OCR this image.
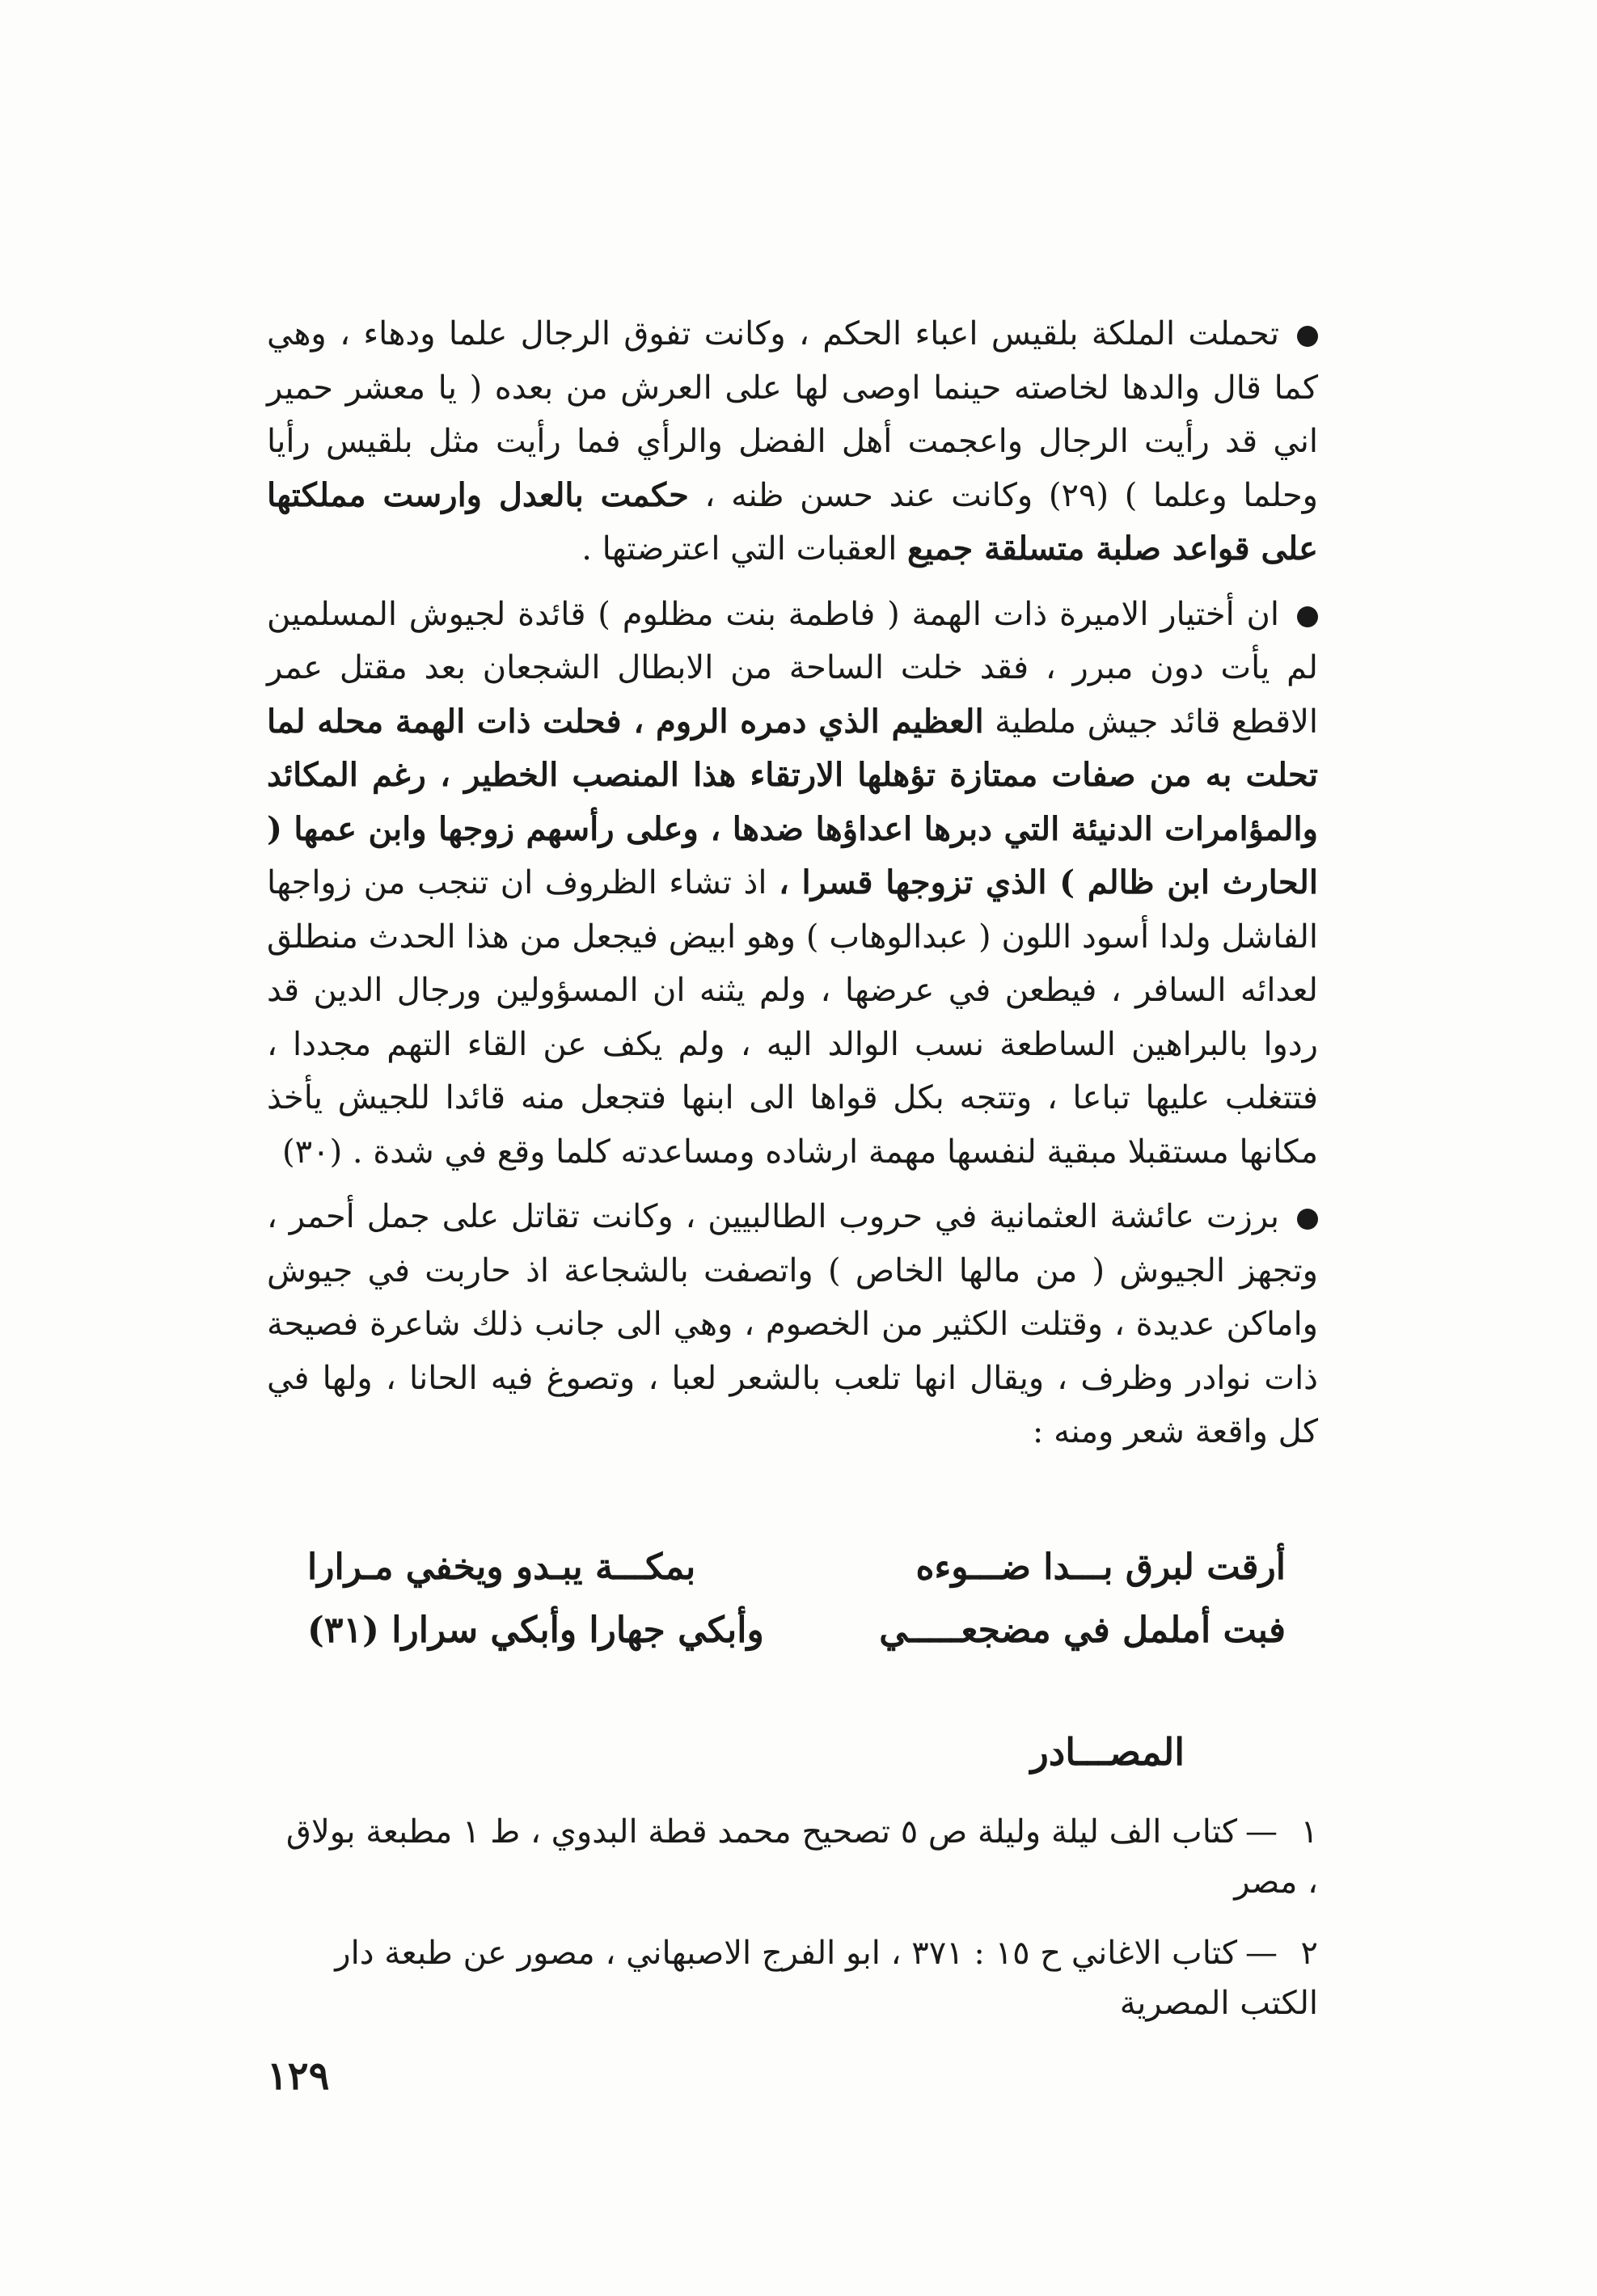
تحملت الملكة بلقيس اعباء الحكم ، وكانت تفوق الرجال علما ودهاء ، وهي كما قال والدها لخاصته حينما اوصى لها على العرش من بعده ( يا معشر حمير اني قد رأيت الرجال واعجمت أهل الفضل والرأي فما رأيت مثل بلقيس رأيا وحلما وعلما ) (٢٩) وكانت عند حسن ظنه ، حكمت بالعدل وارست مملكتها على قواعد صلبة متسلقة جميع العقبات التي اعترضتها .

ان أختيار الاميرة ذات الهمة ( فاطمة بنت مظلوم ) قائدة لجيوش المسلمين لم يأت دون مبرر ، فقد خلت الساحة من الابطال الشجعان بعد مقتل عمر الاقطع قائد جيش ملطية العظيم الذي دمره الروم ، فحلت ذات الهمة محله لما تحلت به من صفات ممتازة تؤهلها الارتقاء هذا المنصب الخطير ، رغم المكائد والمؤامرات الدنيئة التي دبرها اعداؤها ضدها ، وعلى رأسهم زوجها وابن عمها ( الحارث ابن ظالم ) الذي تزوجها قسرا ، اذ تشاء الظروف ان تنجب من زواجها الفاشل ولدا أسود اللون ( عبدالوهاب ) وهو ابيض فيجعل من هذا الحدث منطلق لعدائه السافر ، فيطعن في عرضها ، ولم يثنه ان المسؤولين ورجال الدين قد ردوا بالبراهين الساطعة نسب الوالد اليه ، ولم يكف عن القاء التهم مجددا ، فتتغلب عليها تباعا ، وتتجه بكل قواها الى ابنها فتجعل منه قائدا للجيش يأخذ مكانها مستقبلا مبقية لنفسها مهمة ارشاده ومساعدته كلما وقع في شدة . (٣٠)

برزت عائشة العثمانية في حروب الطالبيين ، وكانت تقاتل على جمل أحمر ، وتجهز الجيوش ( من مالها الخاص ) واتصفت بالشجاعة اذ حاربت في جيوش واماكن عديدة ، وقتلت الكثير من الخصوم ، وهي الى جانب ذلك شاعرة فصيحة ذات نوادر وظرف ، ويقال انها تلعب بالشعر لعبا ، وتصوغ فيه الحانا ، ولها في كل واقعة شعر ومنه :

أرقت لبرق بـــدا ضـــوءه
بمكـــة يبـدو ويخفي مـرارا
فبت أململ في مضجعـــــي
وأبكي جهارا وأبكي سرارا (٣١)
المصـــادر
١—كتاب الف ليلة وليلة ص ٥ تصحيح محمد قطة البدوي ، ط ١ مطبعة بولاق ، مصر
٢—كتاب الاغاني ح ١٥ : ٣٧١ ، ابو الفرج الاصبهاني ، مصور عن طبعة دار الكتب المصرية
١٢٩
